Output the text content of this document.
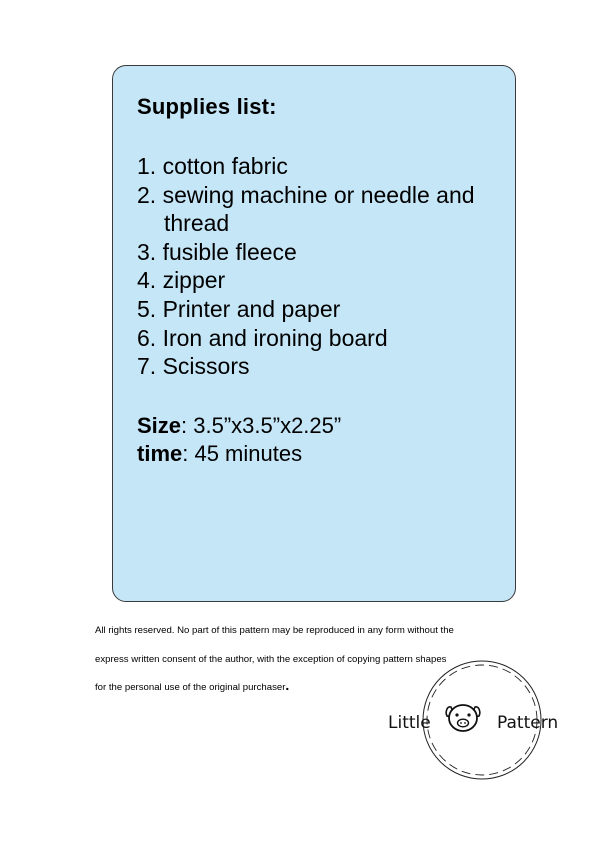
Supplies list:
1. cotton fabric
2. sewing machine or needle and thread
3. fusible fleece
4. zipper
5. Printer and paper
6. Iron and ironing board
7. Scissors
Size: 3.5”x3.5”x2.25”
time: 45 minutes
All rights reserved. No part of this pattern may be reproduced in any form without the
express written consent of the author, with the exception of copying pattern shapes
for the personal use of the original purchaser.
Little	Pattern
